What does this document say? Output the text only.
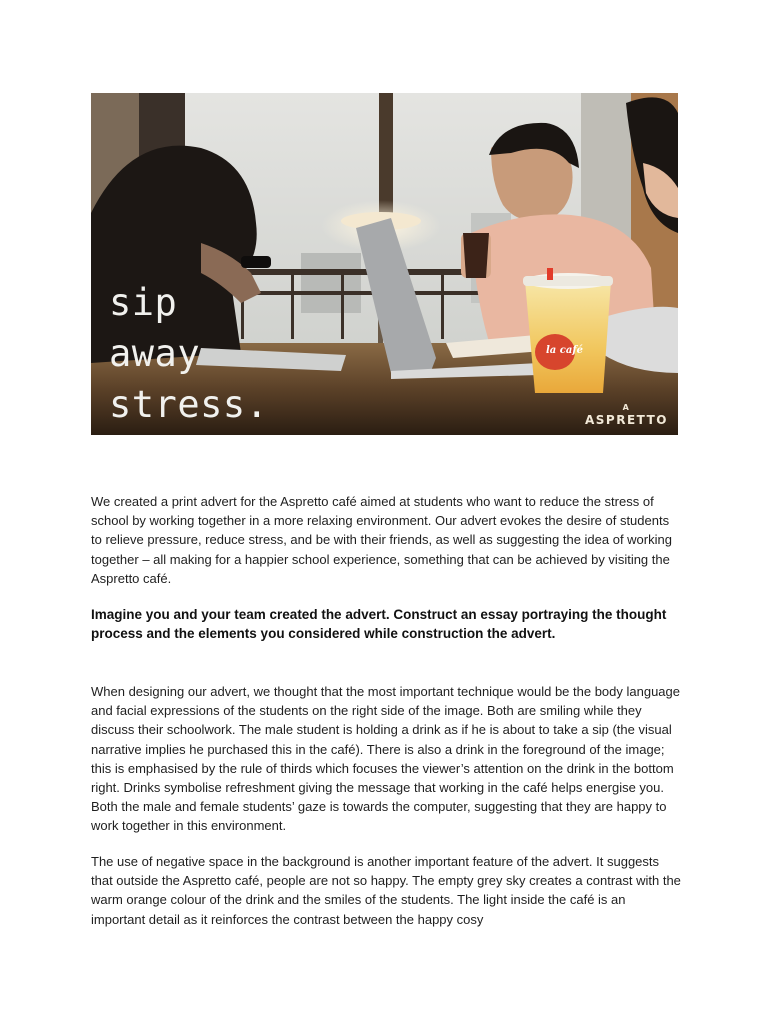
sip
away
stress.
la café
A
ASPRETTO

We created a print advert for the Aspretto café aimed at students who want to reduce the stress of school by working together in a more relaxing environment. Our advert evokes the desire of students to relieve pressure, reduce stress, and be with their friends, as well as suggesting the idea of working together – all making for a happier school experience, something that can be achieved by visiting the Aspretto café.

Imagine you and your team created the advert. Construct an essay portraying the thought process and the elements you considered while construction the advert.

When designing our advert, we thought that the most important technique would be the body language and facial expressions of the students on the right side of the image. Both are smiling while they discuss their schoolwork. The male student is holding a drink as if he is about to take a sip (the visual narrative implies he purchased this in the café). There is also a drink in the foreground of the image; this is emphasised by the rule of thirds which focuses the viewer’s attention on the drink in the bottom right. Drinks symbolise refreshment giving the message that working in the café helps energise you. Both the male and female students’ gaze is towards the computer, suggesting that they are happy to work together in this environment.

The use of negative space in the background is another important feature of the advert. It suggests that outside the Aspretto café, people are not so happy. The empty grey sky creates a contrast with the warm orange colour of the drink and the smiles of the students. The light inside the café is an important detail as it reinforces the contrast between the happy cosy
